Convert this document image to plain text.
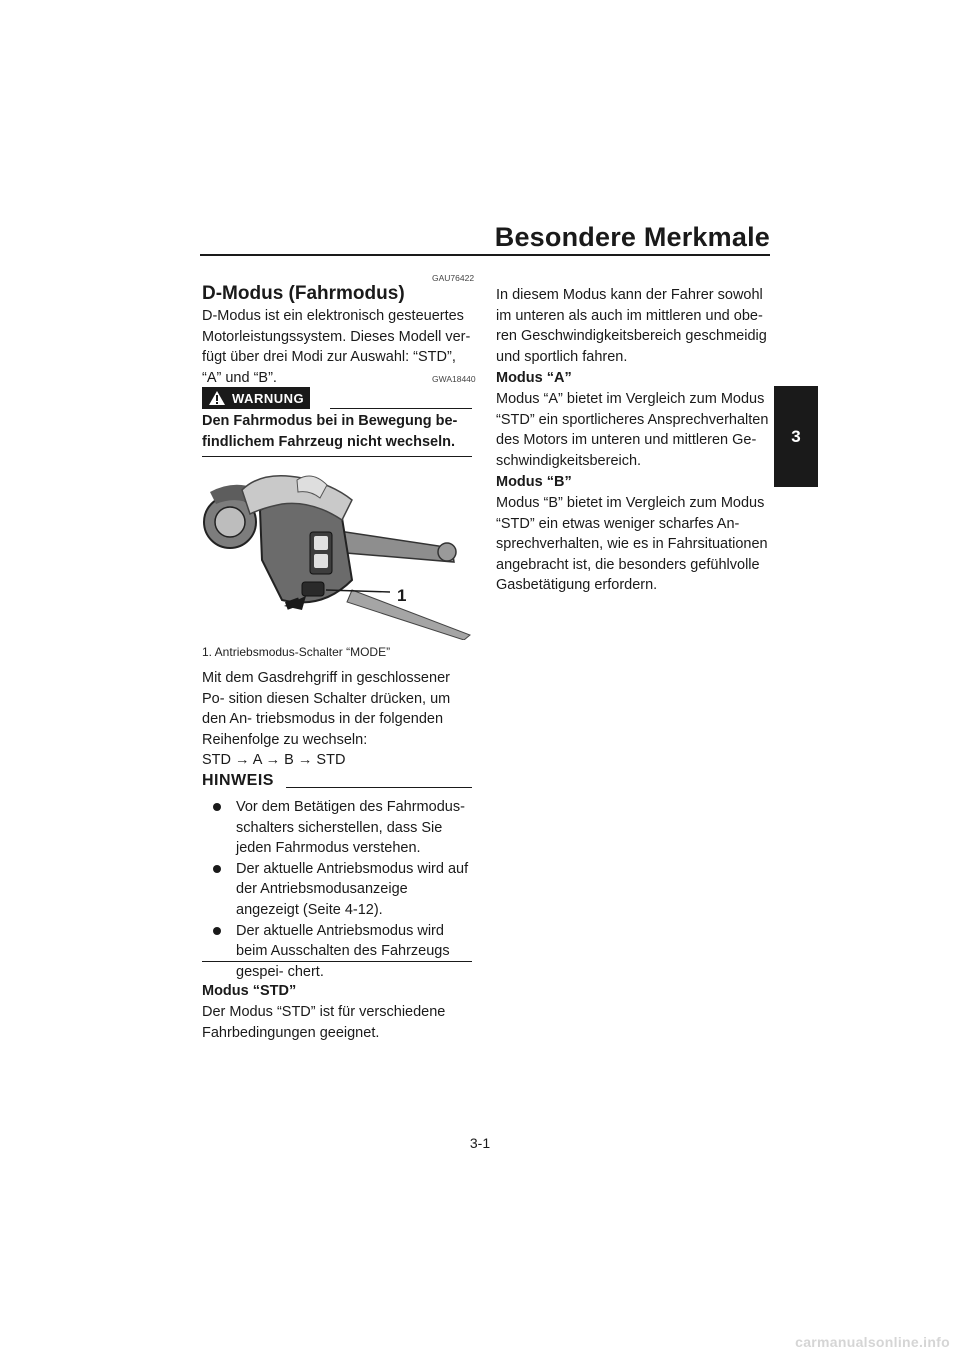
Besondere Merkmale
3
GAU76422
D-Modus (Fahrmodus)

D-Modus ist ein elektronisch gesteuertes Motorleistungssystem. Dieses Modell ver- fügt über drei Modi zur Auswahl: “STD”, “A” und “B”.	GWA18440
WARNUNG

Den Fahrmodus bei in Bewegung be- findlichem Fahrzeug nicht wechseln.

1
1. Antriebsmodus-Schalter “MODE”

Mit dem Gasdrehgriff in geschlossener Po- sition diesen Schalter drücken, um den An- triebsmodus in der folgenden Reihenfolge zu wechseln:

STD → A → B → STD

HINWEIS
Vor dem Betätigen des Fahrmodus- schalters sicherstellen, dass Sie jeden Fahrmodus verstehen.
Der aktuelle Antriebsmodus wird auf der Antriebsmodusanzeige angezeigt (Seite 4-12).
Der aktuelle Antriebsmodus wird beim Ausschalten des Fahrzeugs gespei- chert.

Modus “STD”

Der Modus “STD” ist für verschiedene Fahrbedingungen geeignet.

In diesem Modus kann der Fahrer sowohl im unteren als auch im mittleren und obe- ren Geschwindigkeitsbereich geschmeidig und sportlich fahren.

Modus “A”

Modus “A” bietet im Vergleich zum Modus “STD” ein sportlicheres Ansprechverhalten des Motors im unteren und mittleren Ge- schwindigkeitsbereich.

Modus “B”

Modus “B” bietet im Vergleich zum Modus “STD” ein etwas weniger scharfes An- sprechverhalten, wie es in Fahrsituationen angebracht ist, die besonders gefühlvolle Gasbetätigung erfordern.

3-1
carmanualsonline.info
